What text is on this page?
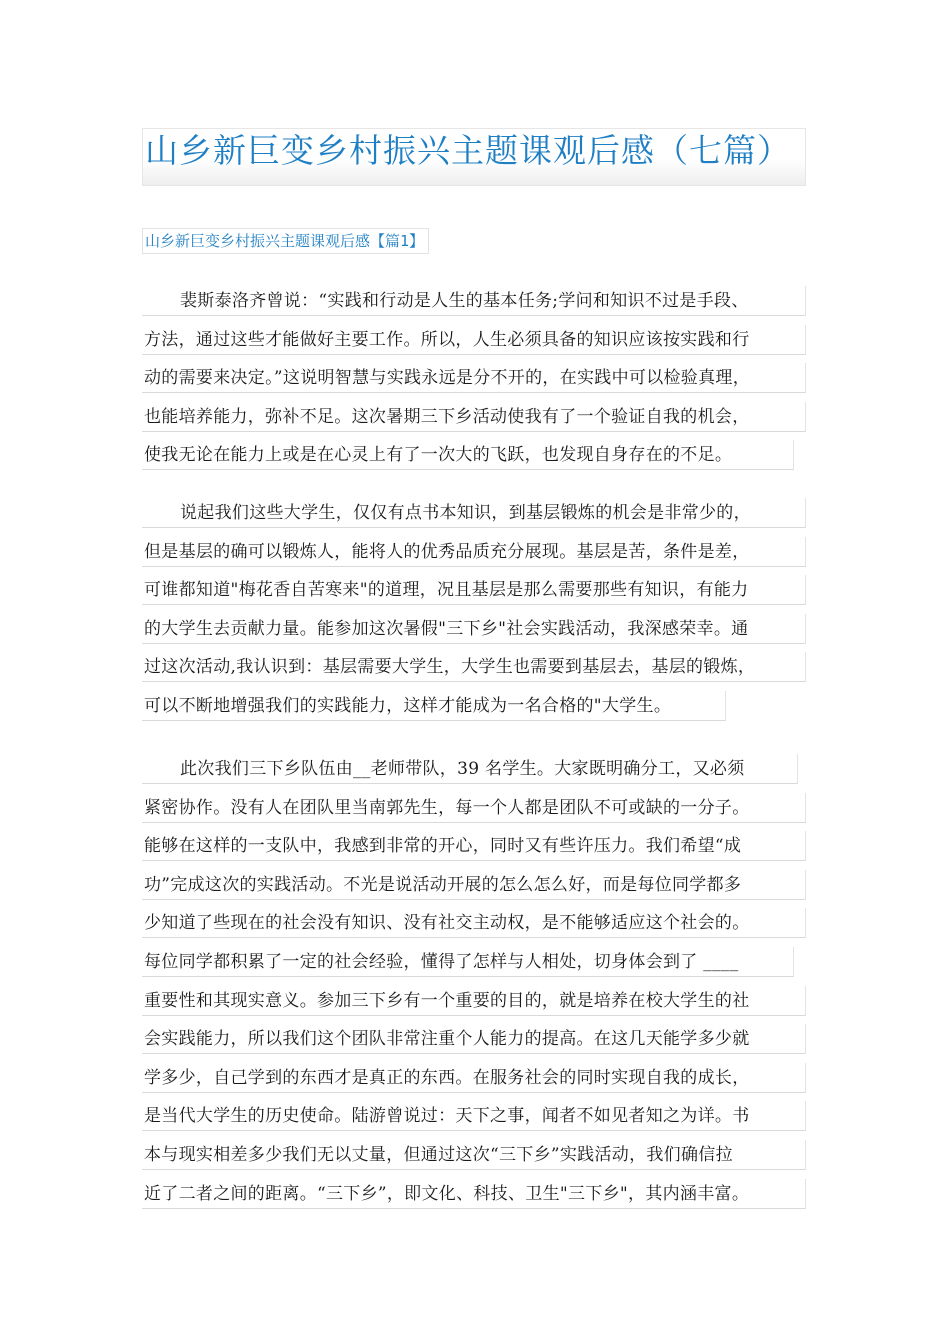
山乡新巨变乡村振兴主题课观后感（七篇）
山乡新巨变乡村振兴主题课观后感【篇1】
裴斯泰洛齐曾说：“实践和行动是人生的基本任务;学问和知识不过是手段、
方法，通过这些才能做好主要工作。所以，人生必须具备的知识应该按实践和行
动的需要来决定。”这说明智慧与实践永远是分不开的，在实践中可以检验真理，
也能培养能力，弥补不足。这次暑期三下乡活动使我有了一个验证自我的机会，
使我无论在能力上或是在心灵上有了一次大的飞跃，也发现自身存在的不足。
说起我们这些大学生，仅仅有点书本知识，到基层锻炼的机会是非常少的，
但是基层的确可以锻炼人，能将人的优秀品质充分展现。基层是苦，条件是差，
可谁都知道"梅花香自苦寒来"的道理，况且基层是那么需要那些有知识，有能力
的大学生去贡献力量。能参加这次暑假"三下乡"社会实践活动，我深感荣幸。通
过这次活动,我认识到：基层需要大学生，大学生也需要到基层去，基层的锻炼，
可以不断地增强我们的实践能力，这样才能成为一名合格的"大学生。
此次我们三下乡队伍由__老师带队，39 名学生。大家既明确分工，又必须
紧密协作。没有人在团队里当南郭先生，每一个人都是团队不可或缺的一分子。
能够在这样的一支队中，我感到非常的开心，同时又有些许压力。我们希望“成
功”完成这次的实践活动。不光是说活动开展的怎么怎么好，而是每位同学都多
少知道了些现在的社会没有知识、没有社交主动权，是不能够适应这个社会的。
每位同学都积累了一定的社会经验，懂得了怎样与人相处，切身体会到了 ____
重要性和其现实意义。参加三下乡有一个重要的目的，就是培养在校大学生的社
会实践能力，所以我们这个团队非常注重个人能力的提高。在这几天能学多少就
学多少，自己学到的东西才是真正的东西。在服务社会的同时实现自我的成长，
是当代大学生的历史使命。陆游曾说过：天下之事，闻者不如见者知之为详。书
本与现实相差多少我们无以丈量，但通过这次“三下乡”实践活动，我们确信拉
近了二者之间的距离。“三下乡”，即文化、科技、卫生"三下乡"，其内涵丰富。
